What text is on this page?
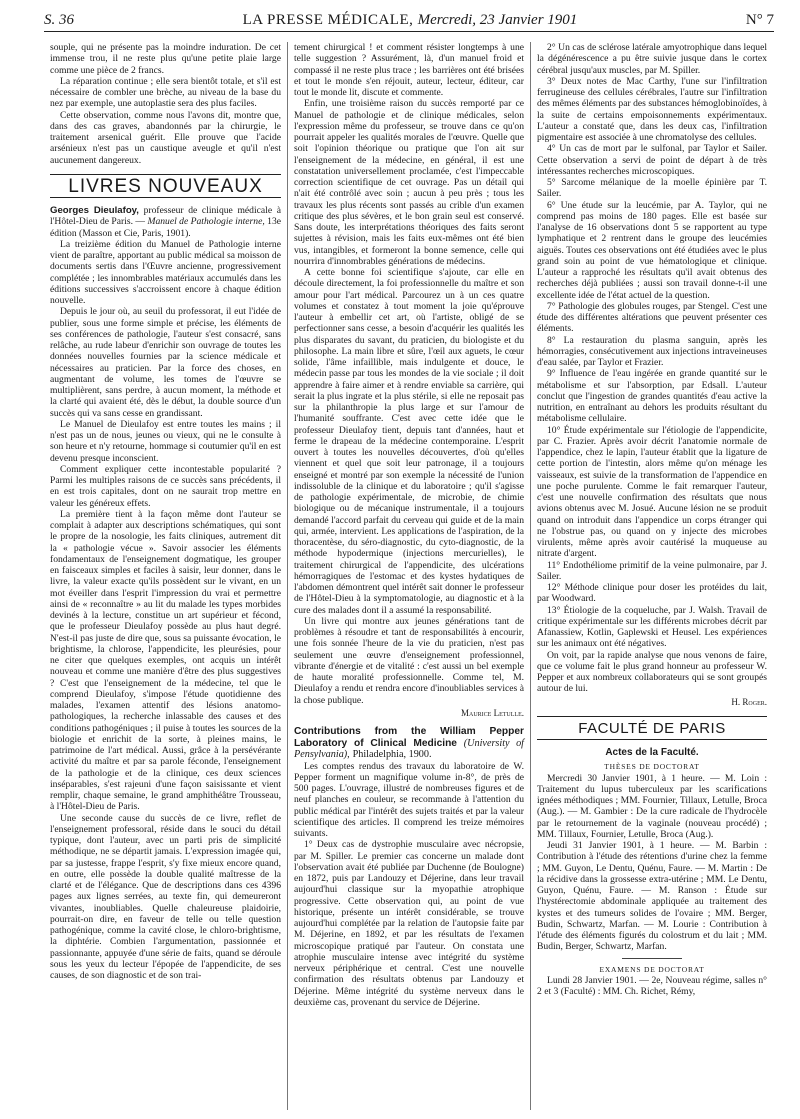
S. 36	LA PRESSE MÉDICALE, Mercredi, 23 Janvier 1901	N° 7

souple, qui ne présente pas la moindre induration. De cet immense trou, il ne reste plus qu'une petite plaie large comme une pièce de 2 francs.

La réparation continue ; elle sera bientôt totale, et s'il est nécessaire de combler une brèche, au niveau de la base du nez par exemple, une autoplastie sera des plus faciles.

Cette observation, comme nous l'avons dit, montre que, dans des cas graves, abandonnés par la chirurgie, le traitement arsenical guérit. Elle prouve que l'acide arsénieux n'est pas un caustique aveugle et qu'il n'est aucunement dangereux.

LIVRES NOUVEAUX

Georges Dieulafoy, professeur de clinique médicale à l'Hôtel-Dieu de Paris. — Manuel de Pathologie interne, 13e édition (Masson et Cie, Paris, 1901).

La treizième édition du Manuel de Pathologie interne vient de paraître, apportant au public médical sa moisson de documents sertis dans l'Œuvre ancienne, progressivement complétée ; les innombrables matériaux accumulés dans les éditions successives s'accroissent encore à chaque édition nouvelle.

Depuis le jour où, au seuil du professorat, il eut l'idée de publier, sous une forme simple et précise, les éléments de ses conférences de pathologie, l'auteur s'est consacré, sans relâche, au rude labeur d'enrichir son ouvrage de toutes les données nouvelles fournies par la science médicale et nécessaires au praticien. Par la force des choses, en augmentant de volume, les tomes de l'œuvre se multiplièrent, sans perdre, à aucun moment, la méthode et la clarté qui avaient été, dès le début, la double source d'un succès qui va sans cesse en grandissant.

Le Manuel de Dieulafoy est entre toutes les mains ; il n'est pas un de nous, jeunes ou vieux, qui ne le consulte à son heure et n'y retourne, hommage si coutumier qu'il en est devenu presque inconscient.

Comment expliquer cette incontestable popularité ? Parmi les multiples raisons de ce succès sans précédents, il en est trois capitales, dont on ne saurait trop mettre en valeur les généreux effets.

La première tient à la façon même dont l'auteur se complait à adapter aux descriptions schématiques, qui sont le propre de la nosologie, les faits cliniques, autrement dit la « pathologie vécue ». Savoir associer les éléments fondamentaux de l'enseignement dogmatique, les grouper en faisceaux simples et faciles à saisir, leur donner, dans le livre, la valeur exacte qu'ils possèdent sur le vivant, en un mot éveiller dans l'esprit l'impression du vrai et permettre ainsi de « reconnaître » au lit du malade les types morbides devinés à la lecture, constitue un art supérieur et fécond, que le professeur Dieulafoy possède au plus haut degré. N'est-il pas juste de dire que, sous sa puissante évocation, le brightisme, la chlorose, l'appendicite, les pleurésies, pour ne citer que quelques exemples, ont acquis un intérêt nouveau et comme une manière d'être des plus suggestives ? C'est que l'enseignement de la médecine, tel que le comprend Dieulafoy, s'impose l'étude quotidienne des malades, l'examen attentif des lésions anatomo-pathologiques, la recherche inlassable des causes et des conditions pathogéniques ; il puise à toutes les sources de la biologie et enrichit de la sorte, à pleines mains, le patrimoine de l'art médical. Aussi, grâce à la persévérante activité du maître et par sa parole féconde, l'enseignement de la pathologie et de la clinique, ces deux sciences inséparables, s'est rajeuni d'une façon saisissante et vient remplir, chaque semaine, le grand amphithéâtre Trousseau, à l'Hôtel-Dieu de Paris.

Une seconde cause du succès de ce livre, reflet de l'enseignement professoral, réside dans le souci du détail typique, dont l'auteur, avec un parti pris de simplicité méthodique, ne se départit jamais. L'expression imagée qui, par sa justesse, frappe l'esprit, s'y fixe mieux encore quand, en outre, elle possède la double qualité maîtresse de la clarté et de l'élégance. Que de descriptions dans ces 4396 pages aux lignes serrées, au texte fin, qui demeureront vivantes, inoubliables. Quelle chaleureuse plaidoirie, pourrait-on dire, en faveur de telle ou telle question pathogénique, comme la cavité close, le chloro-brightisme, la diphtérie. Combien l'argumentation, passionnée et passionnante, appuyée d'une série de faits, quand se déroule sous les yeux du lecteur l'épopée de l'appendicite, de ses causes, de son diagnostic et de son trai-

tement chirurgical ! et comment résister longtemps à une telle suggestion ? Assurément, là, d'un manuel froid et compassé il ne reste plus trace ; les barrières ont été brisées et tout le monde s'en réjouit, auteur, lecteur, éditeur, car tout le monde lit, discute et commente.

Enfin, une troisième raison du succès remporté par ce Manuel de pathologie et de clinique médicales, selon l'expression même du professeur, se trouve dans ce qu'on pourrait appeler les qualités morales de l'œuvre. Quelle que soit l'opinion théorique ou pratique que l'on ait sur l'enseignement de la médecine, en général, il est une constatation universellement proclamée, c'est l'impeccable correction scientifique de cet ouvrage. Pas un détail qui n'ait été contrôlé avec soin ; aucun à peu près ; tous les travaux les plus récents sont passés au crible d'un examen critique des plus sévères, et le bon grain seul est conservé. Sans doute, les interprétations théoriques des faits seront sujettes à révision, mais les faits eux-mêmes ont été bien vus, intangibles, et formeront la bonne semence, celle qui nourrira d'innombrables générations de médecins.

A cette bonne foi scientifique s'ajoute, car elle en découle directement, la foi professionnelle du maître et son amour pour l'art médical. Parcourez un à un ces quatre volumes et constatez à tout moment la joie qu'éprouve l'auteur à embellir cet art, où l'artiste, obligé de se perfectionner sans cesse, a besoin d'acquérir les qualités les plus disparates du savant, du praticien, du biologiste et du philosophe. La main libre et sûre, l'œil aux aguets, le cœur solide, l'âme infaillible, mais indulgente et douce, le médecin passe par tous les mondes de la vie sociale ; il doit apprendre à faire aimer et à rendre enviable sa carrière, qui serait la plus ingrate et la plus stérile, si elle ne reposait pas sur la philanthropie la plus large et sur l'amour de l'humanité souffrante. C'est avec cette idée que le professeur Dieulafoy tient, depuis tant d'années, haut et ferme le drapeau de la médecine contemporaine. L'esprit ouvert à toutes les nouvelles découvertes, d'où qu'elles viennent et quel que soit leur patronage, il a toujours enseigné et montré par son exemple la nécessité de l'union indissoluble de la clinique et du laboratoire ; qu'il s'agisse de pathologie expérimentale, de microbie, de chimie biologique ou de mécanique instrumentale, il a toujours demandé l'accord parfait du cerveau qui guide et de la main qui, armée, intervient. Les applications de l'aspiration, de la thoracentèse, du séro-diagnostic, du cyto-diagnostic, de la méthode hypodermique (injections mercurielles), le traitement chirurgical de l'appendicite, des ulcérations hémorragiques de l'estomac et des kystes hydatiques de l'abdomen démontrent quel intérêt sait donner le professeur de l'Hôtel-Dieu à la symptomatologie, au diagnostic et à la cure des malades dont il a assumé la responsabilité.

Un livre qui montre aux jeunes générations tant de problèmes à résoudre et tant de responsabilités à encourir, une fois sonnée l'heure de la vie du praticien, n'est pas seulement une œuvre d'enseignement professionnel, vibrante d'énergie et de vitalité : c'est aussi un bel exemple de haute moralité professionnelle. Comme tel, M. Dieulafoy a rendu et rendra encore d'inoubliables services à la chose publique.

Maurice Letulle.

Contributions from the William Pepper Laboratory of Clinical Medicine (University of Pensylvania), Philadelphia, 1900.

Les comptes rendus des travaux du laboratoire de W. Pepper forment un magnifique volume in-8°, de près de 500 pages. L'ouvrage, illustré de nombreuses figures et de neuf planches en couleur, se recommande à l'attention du public médical par l'intérêt des sujets traités et par la valeur scientifique des articles. Il comprend les treize mémoires suivants.

1° Deux cas de dystrophie musculaire avec nécropsie, par M. Spiller. Le premier cas concerne un malade dont l'observation avait été publiée par Duchenne (de Boulogne) en 1872, puis par Landouzy et Déjerine, dans leur travail aujourd'hui classique sur la myopathie atrophique progressive. Cette observation qui, au point de vue historique, présente un intérêt considérable, se trouve aujourd'hui complétée par la relation de l'autopsie faite par M. Déjerine, en 1892, et par les résultats de l'examen microscopique pratiqué par l'auteur. On constata une atrophie musculaire intense avec intégrité du système nerveux périphérique et central. C'est une nouvelle confirmation des résultats obtenus par Landouzy et Déjerine. Même intégrité du système nerveux dans le deuxième cas, provenant du service de Déjerine.

2° Un cas de sclérose latérale amyotrophique dans lequel la dégénérescence a pu être suivie jusque dans le cortex cérébral jusqu'aux muscles, par M. Spiller.

3° Deux notes de Mac Carthy, l'une sur l'infiltration ferrugineuse des cellules cérébrales, l'autre sur l'infiltration des mêmes éléments par des substances hémoglobinoïdes, à la suite de certains empoisonnements expérimentaux. L'auteur a constaté que, dans les deux cas, l'infiltration pigmentaire est associée à une chromatolyse des cellules.

4° Un cas de mort par le sulfonal, par Taylor et Sailer. Cette observation a servi de point de départ à de très intéressantes recherches microscopiques.

5° Sarcome mélanique de la moelle épinière par T. Sailer.

6° Une étude sur la leucémie, par A. Taylor, qui ne comprend pas moins de 180 pages. Elle est basée sur l'analyse de 16 observations dont 5 se rapportent au type lymphatique et 2 rentrent dans le groupe des leucémies aiguës. Toutes ces observations ont été étudiées avec le plus grand soin au point de vue hématologique et clinique. L'auteur a rapproché les résultats qu'il avait obtenus des recherches déjà publiées ; aussi son travail donne-t-il une excellente idée de l'état actuel de la question.

7° Pathologie des globules rouges, par Stengel. C'est une étude des différentes altérations que peuvent présenter ces éléments.

8° La restauration du plasma sanguin, après les hémorragies, consécutivement aux injections intraveineuses d'eau salée, par Taylor et Frazier.

9° Influence de l'eau ingérée en grande quantité sur le métabolisme et sur l'absorption, par Edsall. L'auteur conclut que l'ingestion de grandes quantités d'eau active la nutrition, en entraînant au dehors les produits résultant du métabolisme cellulaire.

10° Étude expérimentale sur l'étiologie de l'appendicite, par C. Frazier. Après avoir décrit l'anatomie normale de l'appendice, chez le lapin, l'auteur établit que la ligature de cette portion de l'intestin, alors même qu'on ménage les vaisseaux, est suivie de la transformation de l'appendice en une poche purulente. Comme le fait remarquer l'auteur, c'est une nouvelle confirmation des résultats que nous avions obtenus avec M. Josué. Aucune lésion ne se produit quand on introduit dans l'appendice un corps étranger qui ne l'obstrue pas, ou quand on y injecte des microbes virulents, même après avoir cautérisé la muqueuse au nitrate d'argent.

11° Endothéliome primitif de la veine pulmonaire, par J. Sailer.

12° Méthode clinique pour doser les protéides du lait, par Woodward.

13° Étiologie de la coqueluche, par J. Walsh. Travail de critique expérimentale sur les différents microbes décrit par Afanassiew, Kotlin, Gaplewski et Heusel. Les expériences sur les animaux ont été négatives.

On voit, par la rapide analyse que nous venons de faire, que ce volume fait le plus grand honneur au professeur W. Pepper et aux nombreux collaborateurs qui se sont groupés autour de lui.

H. Roger.
FACULTÉ DE PARIS

Actes de la Faculté.

THÈSES DE DOCTORAT

Mercredi 30 Janvier 1901, à 1 heure. — M. Loin : Traitement du lupus tuberculeux par les scarifications ignées méthodiques ; MM. Fournier, Tillaux, Letulle, Broca (Aug.). — M. Gambier : De la cure radicale de l'hydrocèle par le retournement de la vaginale (nouveau procédé) ; MM. Tillaux, Fournier, Letulle, Broca (Aug.).

Jeudi 31 Janvier 1901, à 1 heure. — M. Barbin : Contribution à l'étude des rétentions d'urine chez la femme ; MM. Guyon, Le Dentu, Quénu, Faure. — M. Martin : De la récidive dans la grossesse extra-utérine ; MM. Le Dentu, Guyon, Quénu, Faure. — M. Ranson : Étude sur l'hystérectomie abdominale appliquée au traitement des kystes et des tumeurs solides de l'ovaire ; MM. Berger, Budin, Schwartz, Marfan. — M. Lourie : Contribution à l'étude des éléments figurés du colostrum et du lait ; MM. Budin, Berger, Schwartz, Marfan.

EXAMENS DE DOCTORAT

Lundi 28 Janvier 1901. — 2e, Nouveau régime, salles n° 2 et 3 (Faculté) : MM. Ch. Richet, Rémy,
